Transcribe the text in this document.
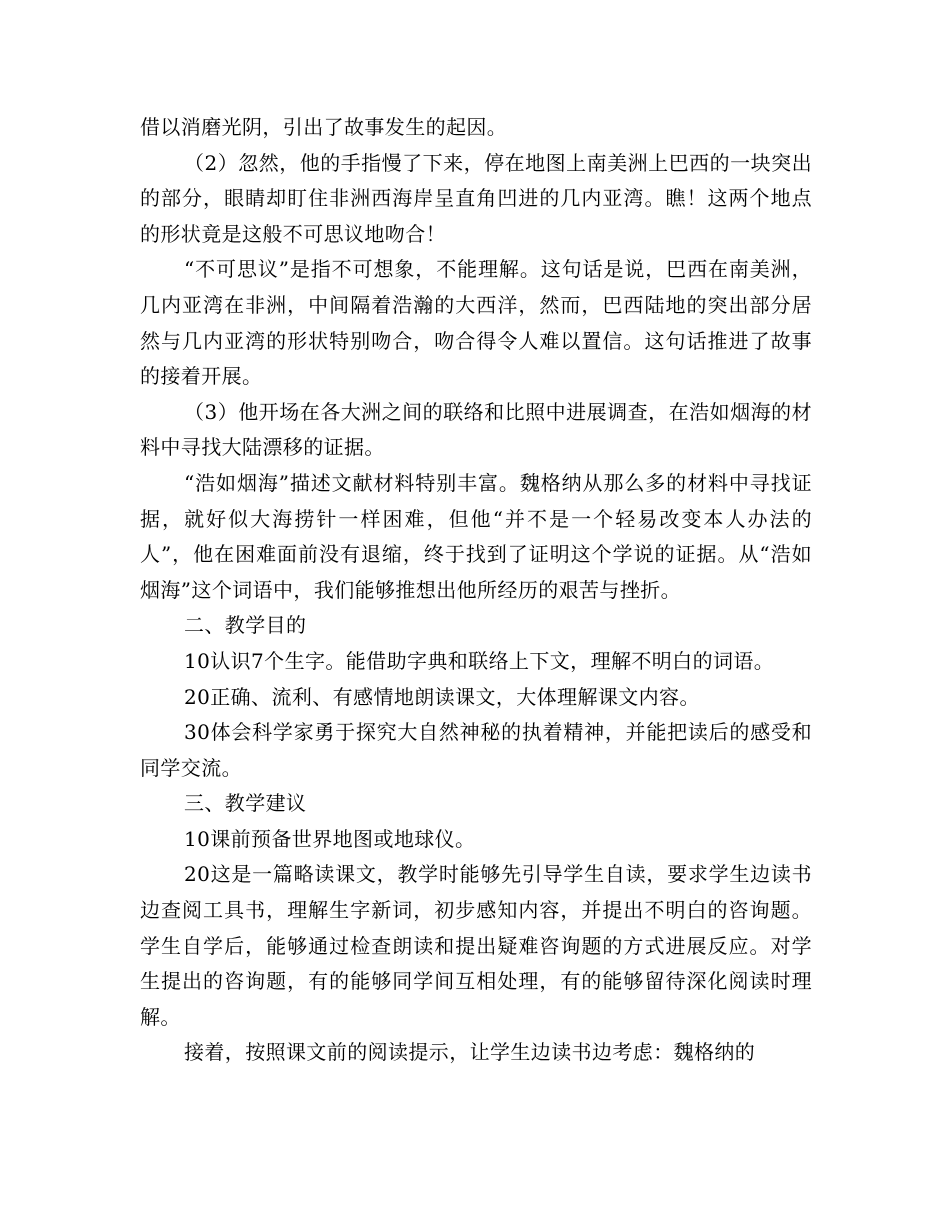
借以消磨光阴，引出了故事发生的起因。

（2）忽然，他的手指慢了下来，停在地图上南美洲上巴西的一块突出的部分，眼睛却盯住非洲西海岸呈直角凹进的几内亚湾。瞧！这两个地点的形状竟是这般不可思议地吻合！

“不可思议”是指不可想象，不能理解。这句话是说，巴西在南美洲，几内亚湾在非洲，中间隔着浩瀚的大西洋，然而，巴西陆地的突出部分居然与几内亚湾的形状特别吻合，吻合得令人难以置信。这句话推进了故事的接着开展。

（3）他开场在各大洲之间的联络和比照中进展调查，在浩如烟海的材料中寻找大陆漂移的证据。

“浩如烟海”描述文献材料特别丰富。魏格纳从那么多的材料中寻找证据，就好似大海捞针一样困难，但他“并不是一个轻易改变本人办法的人”，他在困难面前没有退缩，终于找到了证明这个学说的证据。从“浩如烟海”这个词语中，我们能够推想出他所经历的艰苦与挫折。

二、教学目的

10认识7个生字。能借助字典和联络上下文，理解不明白的词语。

20正确、流利、有感情地朗读课文，大体理解课文内容。

30体会科学家勇于探究大自然神秘的执着精神，并能把读后的感受和同学交流。

三、教学建议

10课前预备世界地图或地球仪。

20这是一篇略读课文，教学时能够先引导学生自读，要求学生边读书边查阅工具书，理解生字新词，初步感知内容，并提出不明白的咨询题。学生自学后，能够通过检查朗读和提出疑难咨询题的方式进展反应。对学生提出的咨询题，有的能够同学间互相处理，有的能够留待深化阅读时理解。

接着，按照课文前的阅读提示，让学生边读书边考虑：魏格纳的
